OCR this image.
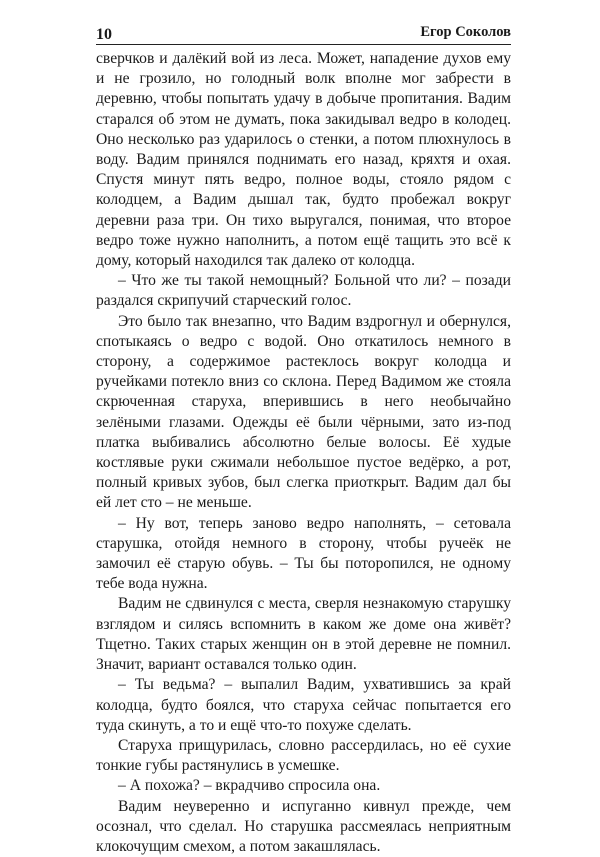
10	Егор Соколов

сверчков и далёкий вой из леса. Может, нападение духов ему и не грозило, но голодный волк вполне мог забрести в деревню, чтобы попытать удачу в добыче пропитания. Вадим старался об этом не думать, пока закидывал ведро в колодец. Оно несколько раз ударилось о стенки, а потом плюхнулось в воду. Вадим принялся поднимать его назад, кряхтя и охая. Спустя минут пять ведро, полное воды, стояло рядом с колодцем, а Вадим дышал так, будто пробежал вокруг деревни раза три. Он тихо выругался, понимая, что второе ведро тоже нужно наполнить, а потом ещё тащить это всё к дому, который находился так далеко от колодца.

– Что же ты такой немощный? Больной что ли? – позади раздался скрипучий старческий голос.

Это было так внезапно, что Вадим вздрогнул и обернулся, спотыкаясь о ведро с водой. Оно откатилось немного в сторону, а содержимое растеклось вокруг колодца и ручейками потекло вниз со склона. Перед Вадимом же стояла скрюченная старуха, вперившись в него необычайно зелёными глазами. Одежды её были чёрными, зато из-под платка выбивались абсолютно белые волосы. Её худые костлявые руки сжимали небольшое пустое ведёрко, а рот, полный кривых зубов, был слегка приоткрыт. Вадим дал бы ей лет сто – не меньше.

– Ну вот, теперь заново ведро наполнять, – сетовала старушка, отойдя немного в сторону, чтобы ручеёк не замочил её старую обувь. – Ты бы поторопился, не одному тебе вода нужна.

Вадим не сдвинулся с места, сверля незнакомую старушку взглядом и силясь вспомнить в каком же доме она живёт? Тщетно. Таких старых женщин он в этой деревне не помнил. Значит, вариант оставался только один.

– Ты ведьма? – выпалил Вадим, ухватившись за край колодца, будто боялся, что старуха сейчас попытается его туда скинуть, а то и ещё что-то похуже сделать.

Старуха прищурилась, словно рассердилась, но её сухие тонкие губы растянулись в усмешке.

– А похожа? – вкрадчиво спросила она.

Вадим неуверенно и испуганно кивнул прежде, чем осознал, что сделал. Но старушка рассмеялась неприятным клокочущим смехом, а потом закашлялась.
